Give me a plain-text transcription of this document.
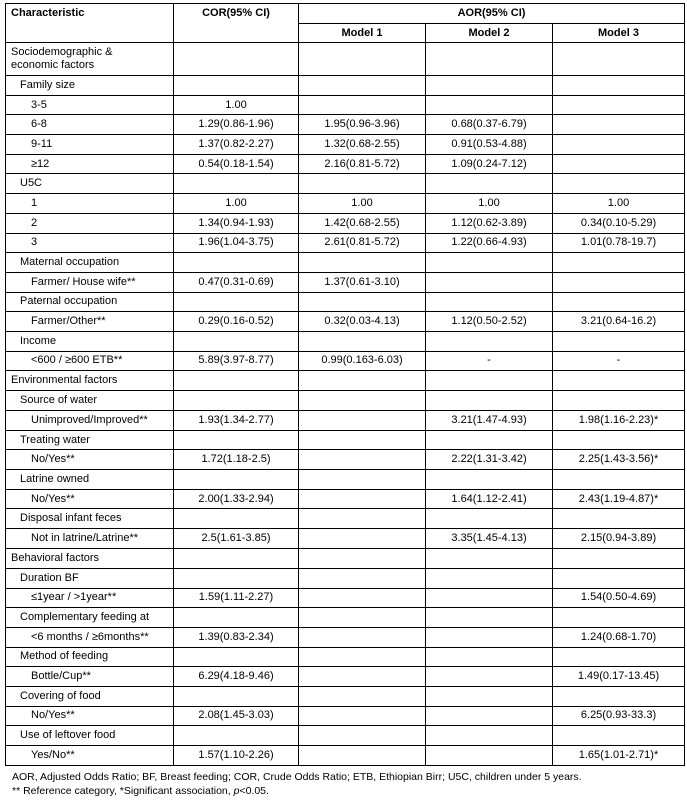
Characteristic	COR(95% CI)	AOR(95% CI)		
		Model 1	Model 2	Model 3
Sociodemographic & economic factors				
Family size				
3-5	1.00			
6-8	1.29(0.86-1.96)	1.95(0.96-3.96)	0.68(0.37-6.79)	
9-11	1.37(0.82-2.27)	1.32(0.68-2.55)	0.91(0.53-4.88)	
≥12	0.54(0.18-1.54)	2.16(0.81-5.72)	1.09(0.24-7.12)	
U5C				
1	1.00	1.00	1.00	1.00
2	1.34(0.94-1.93)	1.42(0.68-2.55)	1.12(0.62-3.89)	0.34(0.10-5.29)
3	1.96(1.04-3.75)	2.61(0.81-5.72)	1.22(0.66-4.93)	1.01(0.78-19.7)
Maternal occupation				
Farmer/ House wife**	0.47(0.31-0.69)	1.37(0.61-3.10)		
Paternal occupation				
Farmer/Other**	0.29(0.16-0.52)	0.32(0.03-4.13)	1.12(0.50-2.52)	3.21(0.64-16.2)
Income				
<600 / ≥600 ETB**	5.89(3.97-8.77)	0.99(0.163-6.03)	-	-
Environmental factors				
Source of water				
Unimproved/Improved**	1.93(1.34-2.77)		3.21(1.47-4.93)	1.98(1.16-2.23)*
Treating water				
No/Yes**	1.72(1.18-2.5)		2.22(1.31-3.42)	2.25(1.43-3.56)*
Latrine owned				
No/Yes**	2.00(1.33-2.94)		1.64(1.12-2.41)	2.43(1.19-4.87)*
Disposal infant feces				
Not in latrine/Latrine**	2.5(1.61-3.85)		3.35(1.45-4.13)	2.15(0.94-3.89)
Behavioral factors				
Duration BF				
≤1year / >1year**	1.59(1.11-2.27)			1.54(0.50-4.69)
Complementary feeding at				
<6 months / ≥6months**	1.39(0.83-2.34)			1.24(0.68-1.70)
Method of feeding				
Bottle/Cup**	6.29(4.18-9.46)			1.49(0.17-13.45)
Covering of food				
No/Yes**	2.08(1.45-3.03)			6.25(0.93-33.3)
Use of leftover food				
Yes/No**	1.57(1.10-2.26)			1.65(1.01-2.71)*
AOR, Adjusted Odds Ratio; BF, Breast feeding; COR, Crude Odds Ratio; ETB, Ethiopian Birr; U5C, children under 5 years.
** Reference category, *Significant association, p<0.05.
